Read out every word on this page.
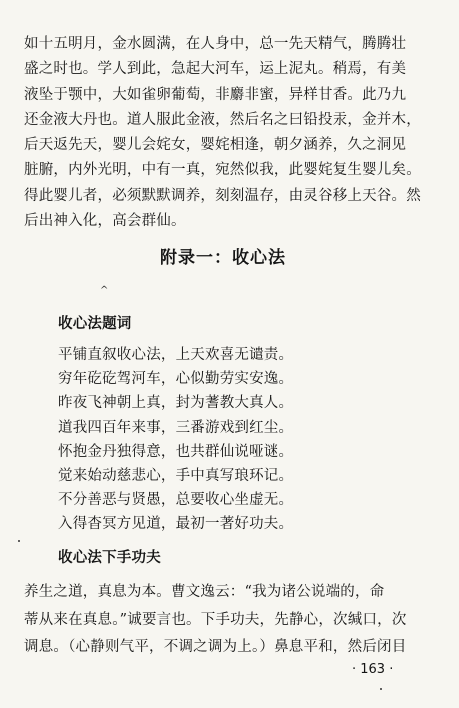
如十五明月，金水圆满，在人身中，总一先天精气，腾腾壮
盛之时也。学人到此，急起大河车，运上泥丸。稍焉，有美
液坠于颚中，大如雀卵葡萄，非麝非蜜，异样甘香。此乃九
还金液大丹也。道人服此金液，然后名之曰铅投汞，金并木，
后天返先天，婴儿会姹女，婴姹相逢，朝夕涵养，久之洞见
脏腑，内外光明，中有一真，宛然似我，此婴姹复生婴儿矣。
得此婴儿者，必须默默调养，刻刻温存，由灵谷移上天谷。然
后出神入化，高会群仙。
附录一：收心法
^
收心法题词
平铺直叙收心法，上天欢喜无谴责。
穷年矻矻驾河车，心似勤劳实安逸。
昨夜飞神朝上真，封为蓍教大真人。
道我四百年来事，三番游戏到红尘。
怀抱金丹独得意，也共群仙说哑谜。
觉来始动慈悲心，手中真写琅环记。
不分善恶与贤愚，总要收心坐虚无。
入得杳冥方见道，最初一著好功夫。
收心法下手功夫
养生之道，真息为本。曹文逸云：“我为诸公说端的，命
蒂从来在真息。”诚要言也。下手功夫，先静心，次缄口，次
调息。（心静则气平，不调之调为上。）鼻息平和，然后闭目
· 163 ·
